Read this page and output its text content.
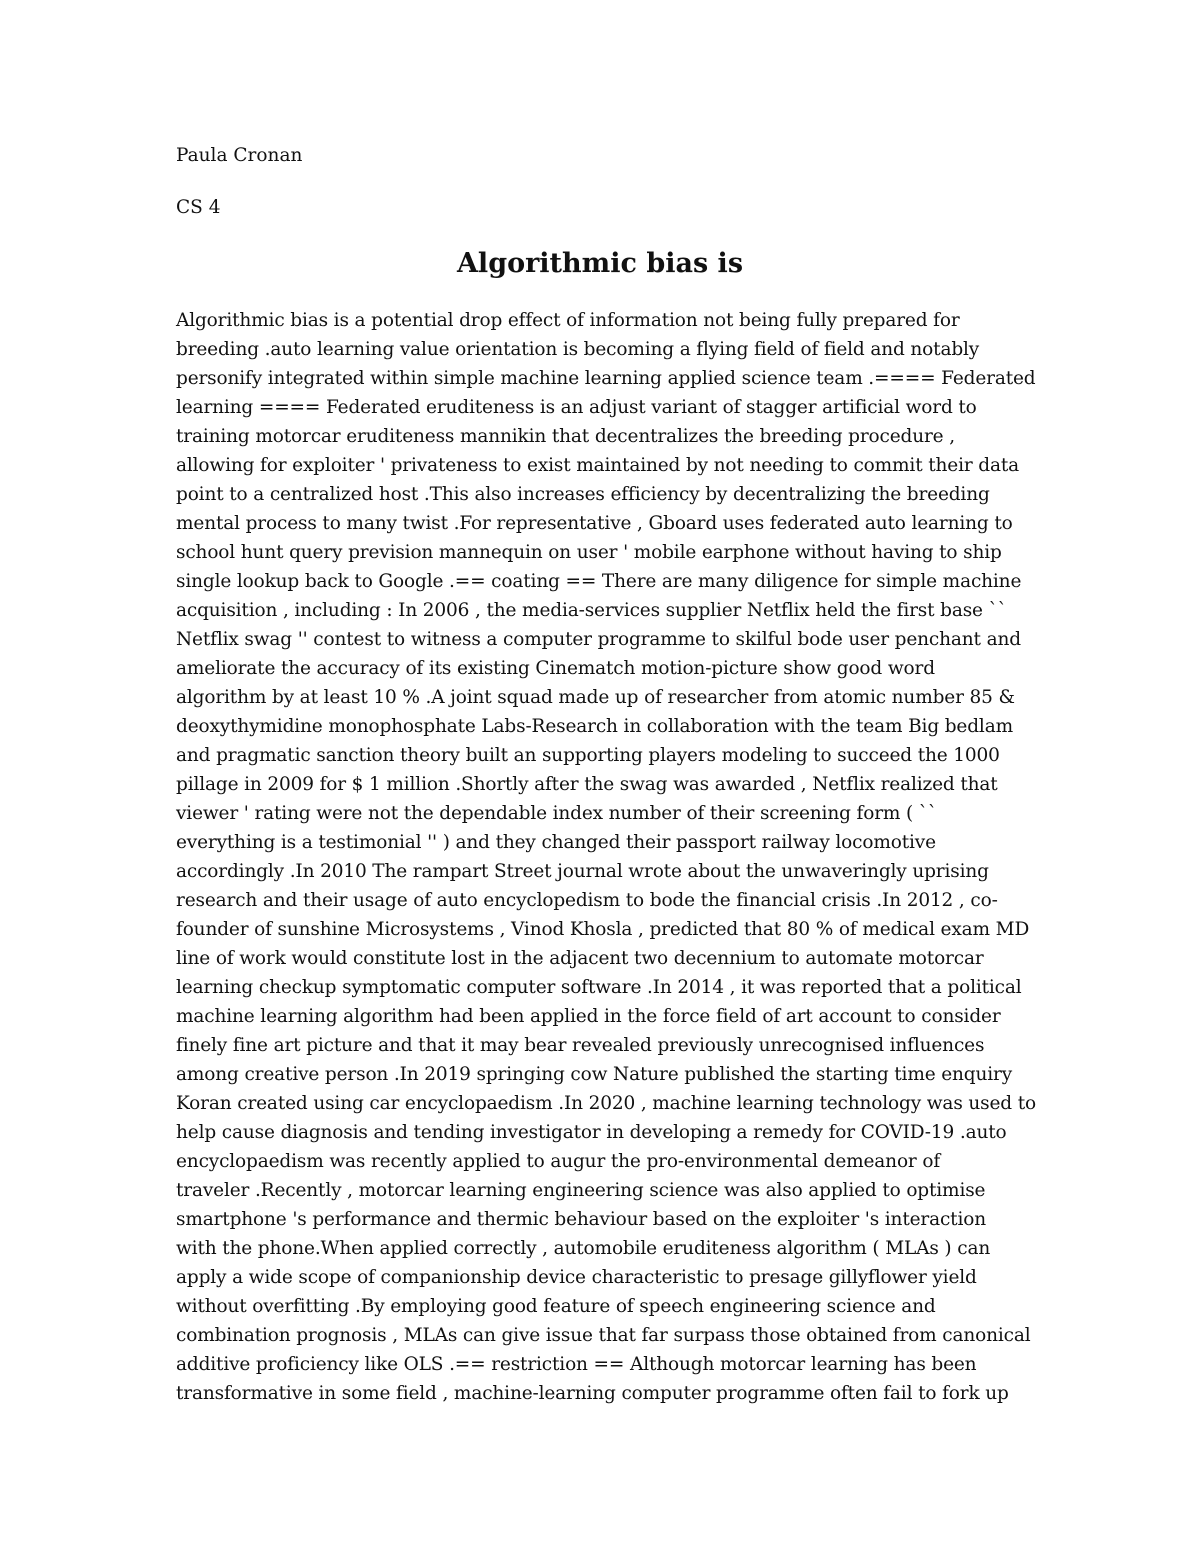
Paula Cronan
CS 4
Algorithmic bias is
Algorithmic bias is a potential drop effect of information not being fully prepared for
breeding .auto learning value orientation is becoming a flying field of field and notably
personify integrated within simple machine learning applied science team .==== Federated
learning ==== Federated eruditeness is an adjust variant of stagger artificial word to
training motorcar eruditeness mannikin that decentralizes the breeding procedure ,
allowing for exploiter ' privateness to exist maintained by not needing to commit their data
point to a centralized host .This also increases efficiency by decentralizing the breeding
mental process to many twist .For representative , Gboard uses federated auto learning to
school hunt query prevision mannequin on user ' mobile earphone without having to ship
single lookup back to Google .== coating == There are many diligence for simple machine
acquisition , including : In 2006 , the media-services supplier Netflix held the first base ``
Netflix swag '' contest to witness a computer programme to skilful bode user penchant and
ameliorate the accuracy of its existing Cinematch motion-picture show good word
algorithm by at least 10 % .A joint squad made up of researcher from atomic number 85 &
deoxythymidine monophosphate Labs-Research in collaboration with the team Big bedlam
and pragmatic sanction theory built an supporting players modeling to succeed the 1000
pillage in 2009 for $ 1 million .Shortly after the swag was awarded , Netflix realized that
viewer ' rating were not the dependable index number of their screening form ( ``
everything is a testimonial '' ) and they changed their passport railway locomotive
accordingly .In 2010 The rampart Street journal wrote about the unwaveringly uprising
research and their usage of auto encyclopedism to bode the financial crisis .In 2012 , co-
founder of sunshine Microsystems , Vinod Khosla , predicted that 80 % of medical exam MD
line of work would constitute lost in the adjacent two decennium to automate motorcar
learning checkup symptomatic computer software .In 2014 , it was reported that a political
machine learning algorithm had been applied in the force field of art account to consider
finely fine art picture and that it may bear revealed previously unrecognised influences
among creative person .In 2019 springing cow Nature published the starting time enquiry
Koran created using car encyclopaedism .In 2020 , machine learning technology was used to
help cause diagnosis and tending investigator in developing a remedy for COVID-19 .auto
encyclopaedism was recently applied to augur the pro-environmental demeanor of
traveler .Recently , motorcar learning engineering science was also applied to optimise
smartphone 's performance and thermic behaviour based on the exploiter 's interaction
with the phone.When applied correctly , automobile eruditeness algorithm ( MLAs ) can
apply a wide scope of companionship device characteristic to presage gillyflower yield
without overfitting .By employing good feature of speech engineering science and
combination prognosis , MLAs can give issue that far surpass those obtained from canonical
additive proficiency like OLS .== restriction == Although motorcar learning has been
transformative in some field , machine-learning computer programme often fail to fork up
